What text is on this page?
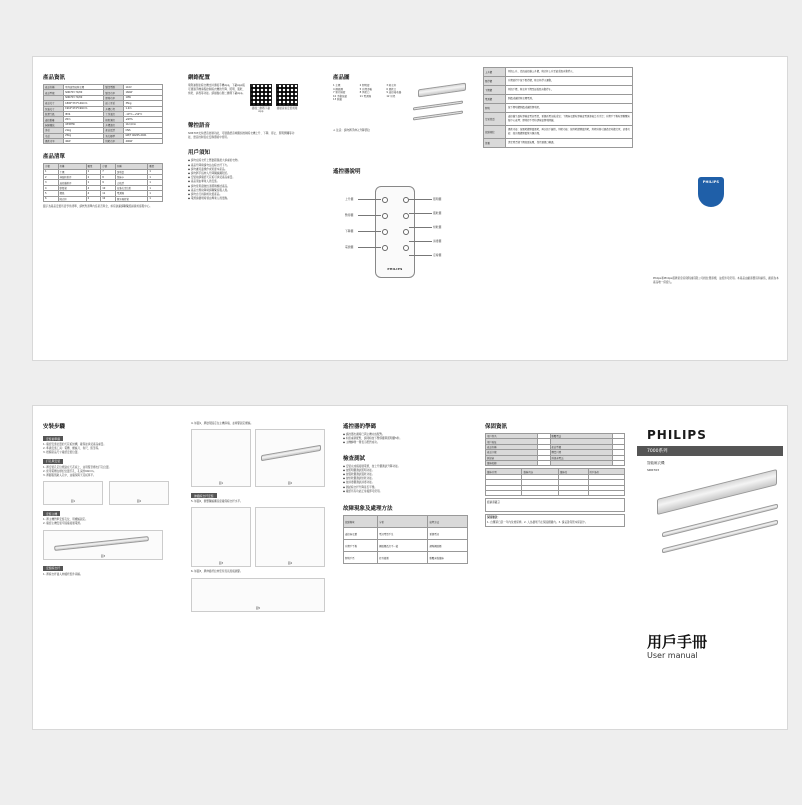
產品資訊
產品名稱	飛利浦智能晾衣機	額定電壓	110V
產品型號	SDR703 70/00	額定功率	160W
	SDR703 70/00	照明功率	19W
產品尺寸	1800*372*140mm	最大承重	35kg
包裝尺寸	1910*474*190mm	升降行程	1.2m
防護等級	IPX4	工作溫度	-10°C~+50°C
遙控距離	20m	相對濕度	≤93%
無線頻段	433MHz	升降速度	11m/min
淨重	21kg	產品認證	CNS
毛重	25kg	執行標準	GB/T 40205-2021
風乾功率	40W	烘乾功率	400W
產品清單
序號	名稱	數量	序號	名稱	數量
1	主機	1	7	說明書	1
2	伸縮杆組件	2	8	保修卡	1
3	遙控器組件	1	9	合格證	1
4	膨脹管	4	10	安裝孔定位紙	1
5	螺絲	4	11	電源線	1
6	晾衣杆	2	12	紫外線燈管	1

圖示為產品安裝所需零件清單，請核對清單內容是否齊全，如有缺漏請聯繫經銷商或客服中心。

網絡配置

飛利浦智能晾衣機支持連接手機App，下載App後可通過手機遠程控制晾衣機的升降、照明、風乾、烘乾、消毒等功能。請掃描右側二維碼下載App。

掃描二維碼下載App
掃描查看安裝視頻
聲控語音

SDR703支持語音控制功能，可通過語音喚醒詞控制晾衣機上升、下降、停止、照明開關等功能，語音控制需在安靜環境中使用。

用戶須知

◆ 請勿在晾衣杆上懸掛超過最大承重的衣物。

◆ 產品升降時請勿站在晾衣杆下方。

◆ 請勿讓兒童操作或玩耍本產品。

◆ 請勿將手指伸入升降鋼絲繩附近。

◆ 安裝前請確認天花板可承受產品重量。

◆ 產品須由專業人員安裝。

◆ 請勿使用腐蝕性清潔劑擦拭產品。

◆ 產品出現故障時請聯繫客服人員。

◆ 請勿自行拆卸或改裝產品。

◆ 電源線損壞時須由專業人員更換。

產品圖
1 主機	2 照明燈	3 晾衣杆
4 鋼絲繩	5 升降滑輪	6 風乾口
7 紫外線燈	8 烘乾口	9 遙控接收器
10 手動按鈕	11 電源線	12 吊架
13 側蓋
⚠ 注意：請勿將手伸入升降部位
遙控器說明
PHILIPS
上升鍵
暫停鍵
下降鍵
電源鍵
照明鍵
風乾鍵
烘乾鍵
消毒鍵
定時鍵
上升鍵	短按上升，長按遙控器上升鍵，晾衣杆上升至最高點自動停止。
暫停鍵	升降過程中按下暫停鍵，晾衣杆停止運動。
下降鍵	短按下降，晾衣杆下降至最低點自動停止。
電源鍵	開啟或關閉晾衣機電源。
照明	按下照明鍵開啟或關閉照明燈。
常見問題	遙控器失靈時請檢查電池電量，更換新電池後重試；主機無反應時請檢查電源連接是否正常；升降不平衡時請聯繫客服中心處理；照明燈不亮時請檢查照明開關。
故障排除	風乾功能：按風乾鍵開啟風乾，再次按下關閉。烘乾功能：按烘乾鍵開啟烘乾，烘乾時間可通過定時鍵設置。消毒功能：按消毒鍵開啟紫外線消毒。
保養	請定期清潔主機表面灰塵，保持通風口暢通。
PHILIPS

Philips和Philips盾牌是皇家飛利浦有限公司的註冊商標，並經許可使用。本產品由廠商製造和銷售，廠商為本產品唯一保證人。

安裝步驟
安裝前準備

1. 確認安裝位置的天花板結構，確保能承受產品重量。

2. 準備安裝工具：電鑽、螺絲刀、卷尺、鉛筆等。

3. 根據產品尺寸確認安裝位置。

打孔與安裝

1. 將安裝孔定位紙貼在天花板上，並用鉛筆標出打孔位置。

2. 使用電鑽在標記位置打孔，孔深約60mm。

3. 將膨脹管敲入孔中，並確保與天花板齊平。

圖1	圖2
安裝主機

1. 將主機對準安裝孔位，用螺絲固定。

2. 確認主機安裝牢固後接通電源。

圖3
安裝晾衣杆

1. 將晾衣杆插入伸縮杆組件兩端。

4. 如圖1，將掛架固定在主機兩端，並擰緊固定螺絲。

圖1	圖2
伸縮晾衣杆安裝

5. 如圖2，調整鋼絲繩長度確保晾衣杆水平。

圖3	圖4

6. 如圖3，將伸縮杆拉伸至所需長度後鎖緊。

圖5
遙控器的學碼

◆ 遙控器出廠時已與主機完成配對。

◆ 如需重新配對，請同時按下暫停鍵與照明鍵5秒。

◆ 主機蜂鳴一聲表示配對成功。

檢查測試

◆ 安裝完成後接通電源，按上升鍵測試升降功能。

◆ 按照明鍵測試照明功能。

◆ 按風乾鍵測試風乾功能。

◆ 按烘乾鍵測試烘乾功能。

◆ 按消毒鍵測試消毒功能。

◆ 測試晾衣杆升降是否平穩。

◆ 確認所有功能正常後即可使用。

故障現象及處理方法
故障現象	分析	處理方法
遙控無反應	電池電量不足	更換電池
升降不平衡	鋼絲繩長度不一致	調整鋼絲繩
照明不亮	燈具損壞	聯繫客服維修
保固資訊
用戶姓名		聯繫電話	
用戶地址			
產品名稱		產品型號	
產品序號		購買日期	
經銷商		經銷商電話	
維修紀錄			
維修日期	維修內容	維修員	用戶簽名

經銷商蓋章

保固條款：

1. 自購買日起一年內免費保修。2. 人為損壞不在保固範圍內。3. 請妥善保管本保固卡。

PHILIPS
7000系列
智能晾衣機
SDR703
用戶手冊
User manual
